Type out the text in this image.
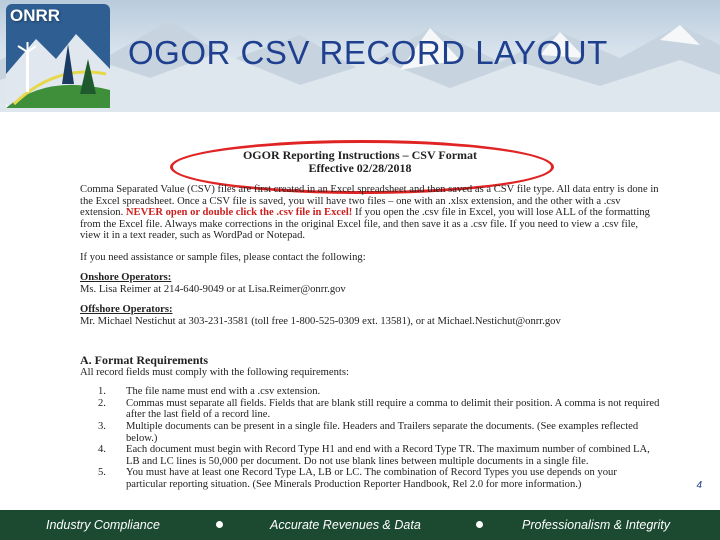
ONRR
OGOR CSV RECORD LAYOUT
OGOR Reporting Instructions – CSV Format
Effective 02/28/2018

Comma Separated Value (CSV) files are first created in an Excel spreadsheet and then saved as a CSV file type. All data entry is done in the Excel spreadsheet. Once a CSV file is saved, you will have two files – one with an .xlsx extension, and the other with a .csv extension. NEVER open or double click the .csv file in Excel! If you open the .csv file in Excel, you will lose ALL of the formatting from the Excel file. Always make corrections in the original Excel file, and then save it as a .csv file. If you need to view a .csv file, view it in a text reader, such as WordPad or Notepad.

If you need assistance or sample files, please contact the following:

Onshore Operators:

Ms. Lisa Reimer at 214-640-9049 or at Lisa.Reimer@onrr.gov

Offshore Operators:

Mr. Michael Nestichut at 303-231-3581 (toll free 1-800-525-0309 ext. 13581), or at Michael.Nestichut@onrr.gov

A. Format Requirements

All record fields must comply with the following requirements:

1.	The file name must end with a .csv extension.
2.	Commas must separate all fields. Fields that are blank still require a comma to delimit their position. A comma is not required after the last field of a record line.
3.	Multiple documents can be present in a single file. Headers and Trailers separate the documents. (See examples reflected below.)
4.	Each document must begin with Record Type H1 and end with a Record Type TR. The maximum number of combined LA, LB and LC lines is 50,000 per document. Do not use blank lines between multiple documents in a single file.
5.	You must have at least one Record Type LA, LB or LC. The combination of Record Types you use depends on your particular reporting situation. (See Minerals Production Reporter Handbook, Rel 2.0 for more information.)	4
Industry Compliance	Accurate Revenues & Data	Professionalism & Integrity
